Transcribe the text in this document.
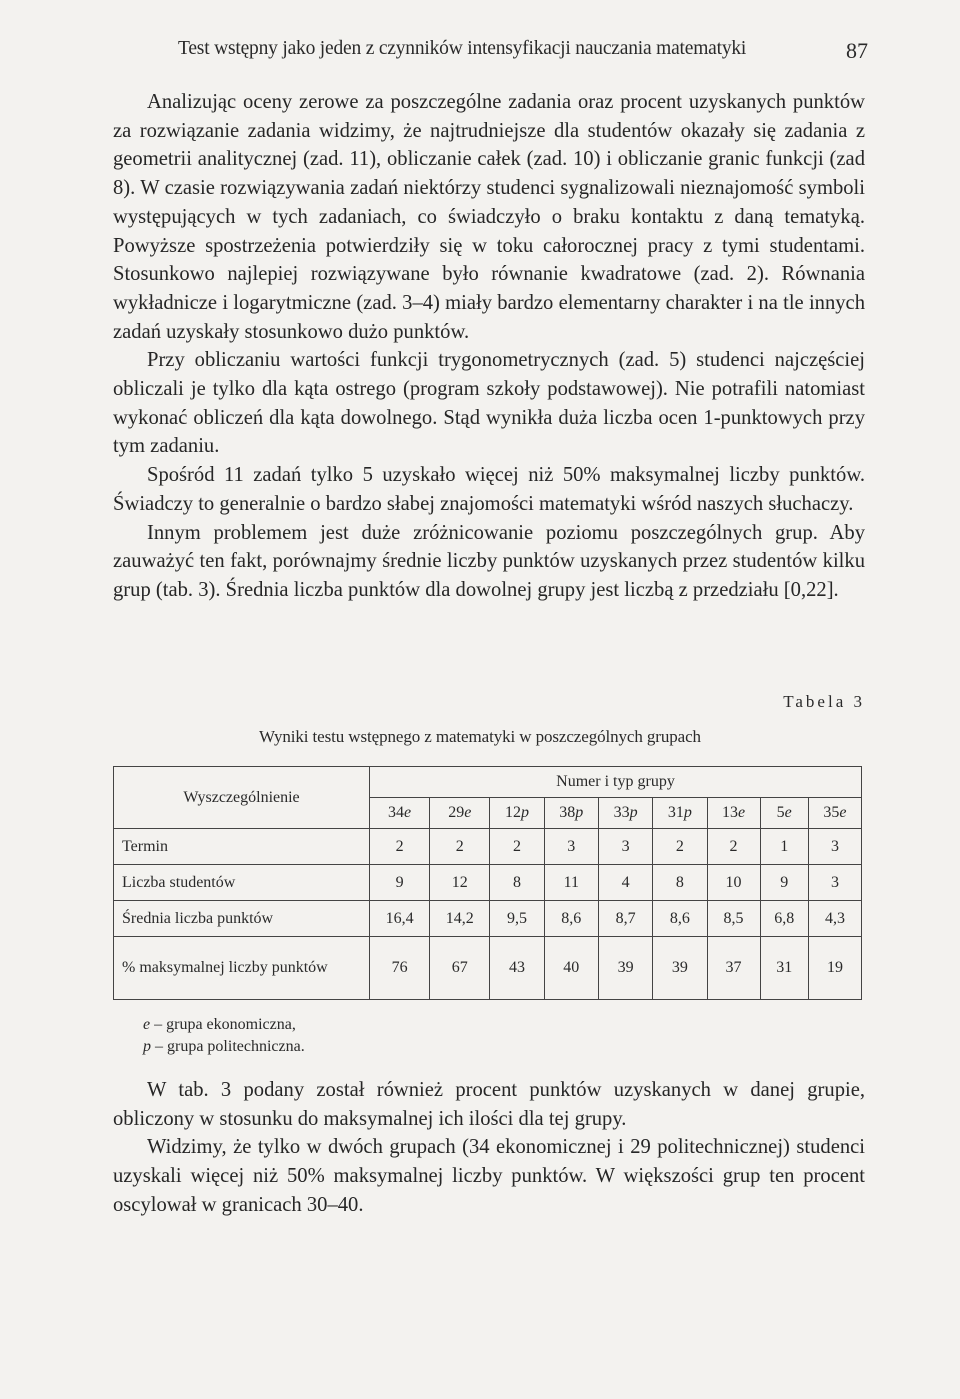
Test wstępny jako jeden z czynników intensyfikacji nauczania matematyki	87

Analizując oceny zerowe za poszczególne zadania oraz procent uzyskanych punktów za rozwiązanie zadania widzimy, że najtrudniejsze dla studentów okazały się zadania z geometrii analitycznej (zad. 11), obliczanie całek (zad. 10) i obliczanie granic funkcji (zad 8). W czasie rozwiązywania zadań niektórzy studenci sygnalizowali nieznajomość symboli występujących w tych zadaniach, co świadczyło o braku kontaktu z daną tematyką. Powyższe spostrzeżenia potwierdziły się w toku całorocznej pracy z tymi studentami. Stosunkowo najlepiej rozwiązywane było równanie kwadratowe (zad. 2). Równania wykładnicze i logarytmiczne (zad. 3–4) miały bardzo elementarny charakter i na tle innych zadań uzyskały stosunkowo dużo punktów.

Przy obliczaniu wartości funkcji trygonometrycznych (zad. 5) studenci najczęściej obliczali je tylko dla kąta ostrego (program szkoły podstawowej). Nie potrafili natomiast wykonać obliczeń dla kąta dowolnego. Stąd wynikła duża liczba ocen 1-punktowych przy tym zadaniu.

Spośród 11 zadań tylko 5 uzyskało więcej niż 50% maksymalnej liczby punktów. Świadczy to generalnie o bardzo słabej znajomości matematyki wśród naszych słuchaczy.

Innym problemem jest duże zróżnicowanie poziomu poszczególnych grup. Aby zauważyć ten fakt, porównajmy średnie liczby punktów uzyskanych przez studentów kilku grup (tab. 3). Średnia liczba punktów dla dowolnej grupy jest liczbą z przedziału [0,22].

Tabela 3
Wyniki testu wstępnego z matematyki w poszczególnych grupach
Wyszczególnienie	Numer i typ grupy								
	34e	29e	12p	38p	33p	31p	13e	5e	35e
Termin	2	2	2	3	3	2	2	1	3
Liczba studentów	9	12	8	11	4	8	10	9	3
Średnia liczba punktów	16,4	14,2	9,5	8,6	8,7	8,6	8,5	6,8	4,3
% maksymalnej liczby punktów	76	67	43	40	39	39	37	31	19
e – grupa ekonomiczna,
p – grupa politechniczna.

W tab. 3 podany został również procent punktów uzyskanych w danej grupie, obliczony w stosunku do maksymalnej ich ilości dla tej grupy.

Widzimy, że tylko w dwóch grupach (34 ekonomicznej i 29 politechnicznej) studenci uzyskali więcej niż 50% maksymalnej liczby punktów. W większości grup ten procent oscylował w granicach 30–40.
